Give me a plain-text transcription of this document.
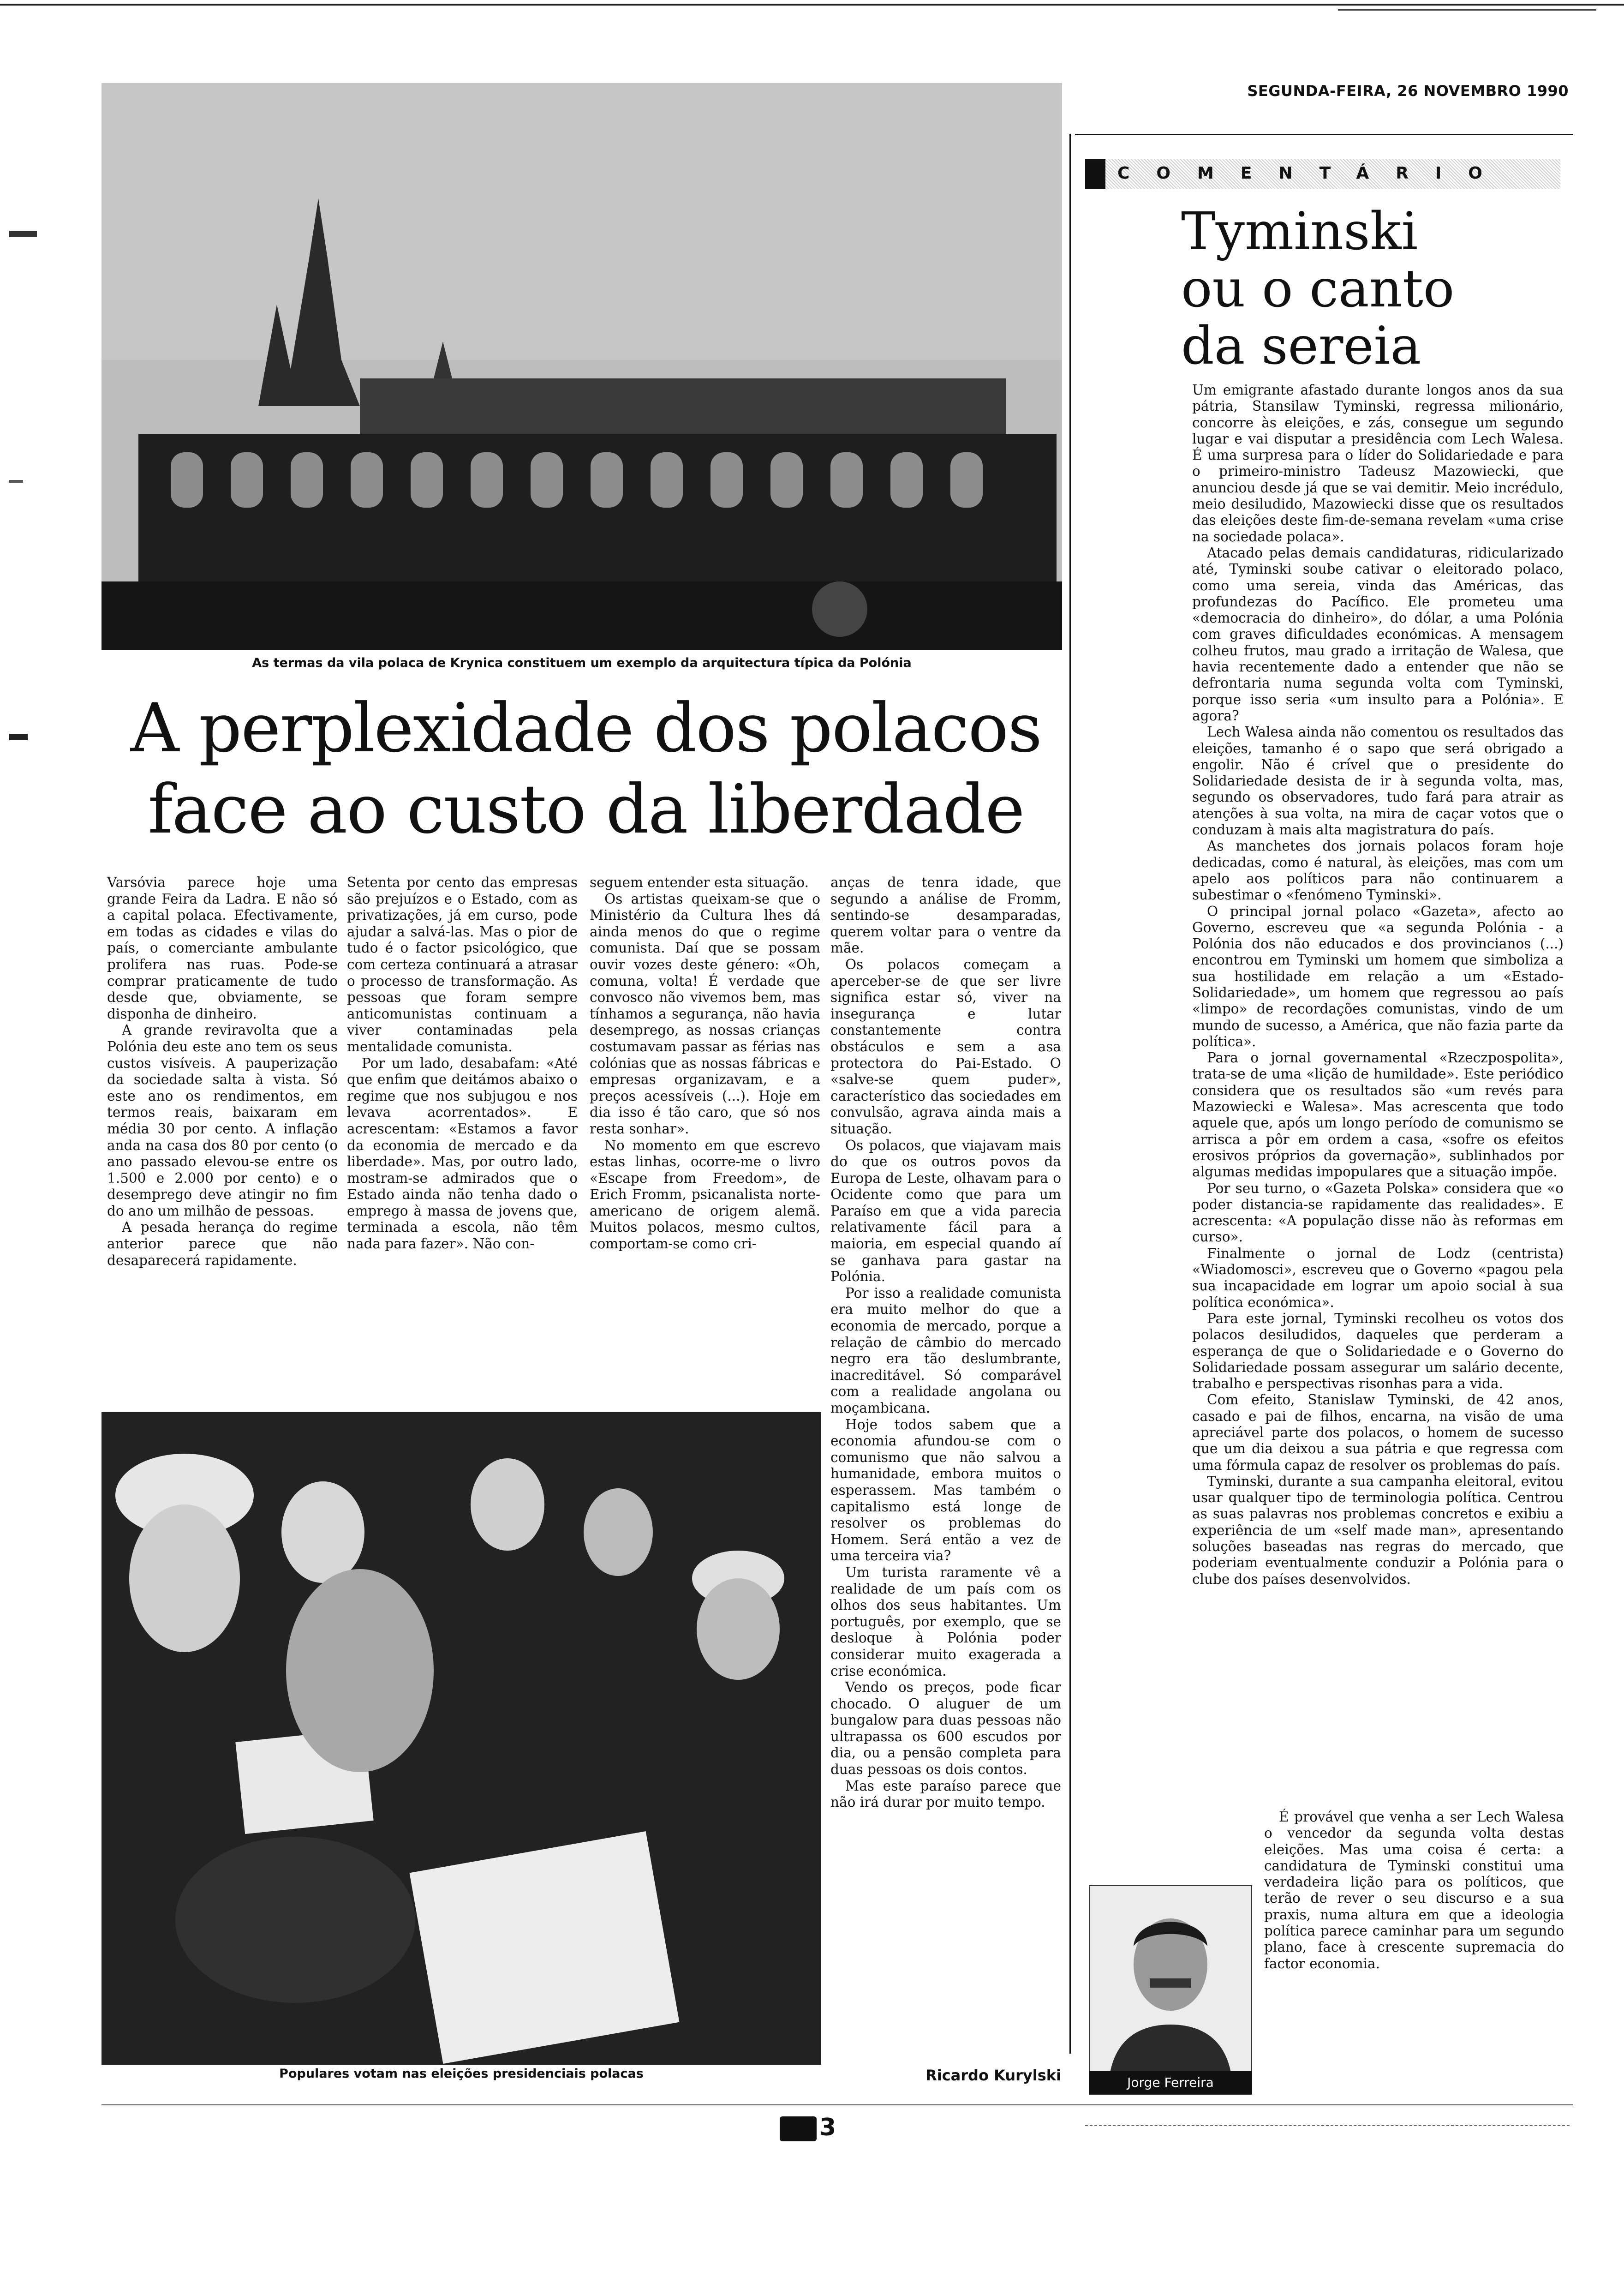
SEGUNDA-FEIRA, 26 NOVEMBRO 1990
As termas da vila polaca de Krynica constituem um exemplo da arquitectura típica da Polónia
A perplexidade dos polacos
face ao custo da liberdade

Varsóvia parece hoje uma grande Feira da Ladra. E não só a capital polaca. Efectivamente, em todas as cidades e vilas do país, o comerciante ambulante prolifera nas ruas. Pode-se comprar praticamente de tudo desde que, obviamente, se disponha de dinheiro.

A grande reviravolta que a Polónia deu este ano tem os seus custos visíveis. A pauperização da sociedade salta à vista. Só este ano os rendimentos, em termos reais, baixaram em média 30 por cento. A inflação anda na casa dos 80 por cento (o ano passado elevou-se entre os 1.500 e 2.000 por cento) e o desemprego deve atingir no fim do ano um milhão de pessoas.

A pesada herança do regime anterior parece que não desaparecerá rapidamente.

Setenta por cento das empresas são prejuízos e o Estado, com as privatizações, já em curso, pode ajudar a salvá-las. Mas o pior de tudo é o factor psicológico, que com certeza continuará a atrasar o processo de transformação. As pessoas que foram sempre anticomunistas continuam a viver contaminadas pela mentalidade comunista.

Por um lado, desabafam: «Até que enfim que deitámos abaixo o regime que nos subjugou e nos levava acorrentados». E acrescentam: «Estamos a favor da economia de mercado e da liberdade». Mas, por outro lado, mostram-se admirados que o Estado ainda não tenha dado o emprego à massa de jovens que, terminada a escola, não têm nada para fazer». Não con-

seguem entender esta situação.

Os artistas queixam-se que o Ministério da Cultura lhes dá ainda menos do que o regime comunista. Daí que se possam ouvir vozes deste género: «Oh, comuna, volta! É verdade que convosco não vivemos bem, mas tínhamos a segurança, não havia desemprego, as nossas crianças costumavam passar as férias nas colónias que as nossas fábricas e empresas organizavam, e a preços acessíveis (...). Hoje em dia isso é tão caro, que só nos resta sonhar».

No momento em que escrevo estas linhas, ocorre-me o livro «Escape from Freedom», de Erich Fromm, psicanalista norte-americano de origem alemã. Muitos polacos, mesmo cultos, comportam-se como cri-

anças de tenra idade, que segundo a análise de Fromm, sentindo-se desamparadas, querem voltar para o ventre da mãe.

Os polacos começam a aperceber-se de que ser livre significa estar só, viver na insegurança e lutar constantemente contra obstáculos e sem a asa protectora do Pai-Estado. O «salve-se quem puder», característico das sociedades em convulsão, agrava ainda mais a situação.

Os polacos, que viajavam mais do que os outros povos da Europa de Leste, olhavam para o Ocidente como que para um Paraíso em que a vida parecia relativamente fácil para a maioria, em especial quando aí se ganhava para gastar na Polónia.

Por isso a realidade comunista era muito melhor do que a economia de mercado, porque a relação de câmbio do mercado negro era tão deslumbrante, inacreditável. Só comparável com a realidade angolana ou moçambicana.

Hoje todos sabem que a economia afundou-se com o comunismo que não salvou a humanidade, embora muitos o esperassem. Mas também o capitalismo está longe de resolver os problemas do Homem. Será então a vez de uma terceira via?

Um turista raramente vê a realidade de um país com os olhos dos seus habitantes. Um português, por exemplo, que se desloque à Polónia poder considerar muito exagerada a crise económica.

Vendo os preços, pode ficar chocado. O aluguer de um bungalow para duas pessoas não ultrapassa os 600 escudos por dia, ou a pensão completa para duas pessoas os dois contos.

Mas este paraíso parece que não irá durar por muito tempo.

Populares votam nas eleições presidenciais polacas	Ricardo Kurylski
COMENTÁRIO
Tyminski
ou o canto
da sereia

Um emigrante afastado durante longos anos da sua pátria, Stansilaw Tyminski, regressa milionário, concorre às eleições, e zás, consegue um segundo lugar e vai disputar a presidência com Lech Walesa. É uma surpresa para o líder do Solidariedade e para o primeiro-ministro Tadeusz Mazowiecki, que anunciou desde já que se vai demitir. Meio incrédulo, meio desiludido, Mazowiecki disse que os resultados das eleições deste fim-de-semana revelam «uma crise na sociedade polaca».

Atacado pelas demais candidaturas, ridicularizado até, Tyminski soube cativar o eleitorado polaco, como uma sereia, vinda das Américas, das profundezas do Pacífico. Ele prometeu uma «democracia do dinheiro», do dólar, a uma Polónia com graves dificuldades económicas. A mensagem colheu frutos, mau grado a irritação de Walesa, que havia recentemente dado a entender que não se defrontaria numa segunda volta com Tyminski, porque isso seria «um insulto para a Polónia». E agora?

Lech Walesa ainda não comentou os resultados das eleições, tamanho é o sapo que será obrigado a engolir. Não é crível que o presidente do Solidariedade desista de ir à segunda volta, mas, segundo os observadores, tudo fará para atrair as atenções à sua volta, na mira de caçar votos que o conduzam à mais alta magistratura do país.

As manchetes dos jornais polacos foram hoje dedicadas, como é natural, às eleições, mas com um apelo aos políticos para não continuarem a subestimar o «fenómeno Tyminski».

O principal jornal polaco «Gazeta», afecto ao Governo, escreveu que «a segunda Polónia - a Polónia dos não educados e dos provincianos (...) encontrou em Tyminski um homem que simboliza a sua hostilidade em relação a um «Estado-Solidariedade», um homem que regressou ao país «limpo» de recordações comunistas, vindo de um mundo de sucesso, a América, que não fazia parte da política».

Para o jornal governamental «Rzeczpospolita», trata-se de uma «lição de humildade». Este periódico considera que os resultados são «um revés para Mazowiecki e Walesa». Mas acrescenta que todo aquele que, após um longo período de comunismo se arrisca a pôr em ordem a casa, «sofre os efeitos erosivos próprios da governação», sublinhados por algumas medidas impopulares que a situação impõe.

Por seu turno, o «Gazeta Polska» considera que «o poder distancia-se rapidamente das realidades». E acrescenta: «A população disse não às reformas em curso».

Finalmente o jornal de Lodz (centrista) «Wiadomosci», escreveu que o Governo «pagou pela sua incapacidade em lograr um apoio social à sua política económica».

Para este jornal, Tyminski recolheu os votos dos polacos desiludidos, daqueles que perderam a esperança de que o Solidariedade e o Governo do Solidariedade possam assegurar um salário decente, trabalho e perspectivas risonhas para a vida.

Com efeito, Stanislaw Tyminski, de 42 anos, casado e pai de filhos, encarna, na visão de uma apreciável parte dos polacos, o homem de sucesso que um dia deixou a sua pátria e que regressa com uma fórmula capaz de resolver os problemas do país.

Tyminski, durante a sua campanha eleitoral, evitou usar qualquer tipo de terminologia política. Centrou as suas palavras nos problemas concretos e exibiu a experiência de um «self made man», apresentando soluções baseadas nas regras do mercado, que poderiam eventualmente conduzir a Polónia para o clube dos países desenvolvidos.

Jorge Ferreira

É provável que venha a ser Lech Walesa o vencedor da segunda volta destas eleições. Mas uma coisa é certa: a candidatura de Tyminski constitui uma verdadeira lição para os políticos, que terão de rever o seu discurso e a sua praxis, numa altura em que a ideologia política parece caminhar para um segundo plano, face à crescente supremacia do factor economia.

3
